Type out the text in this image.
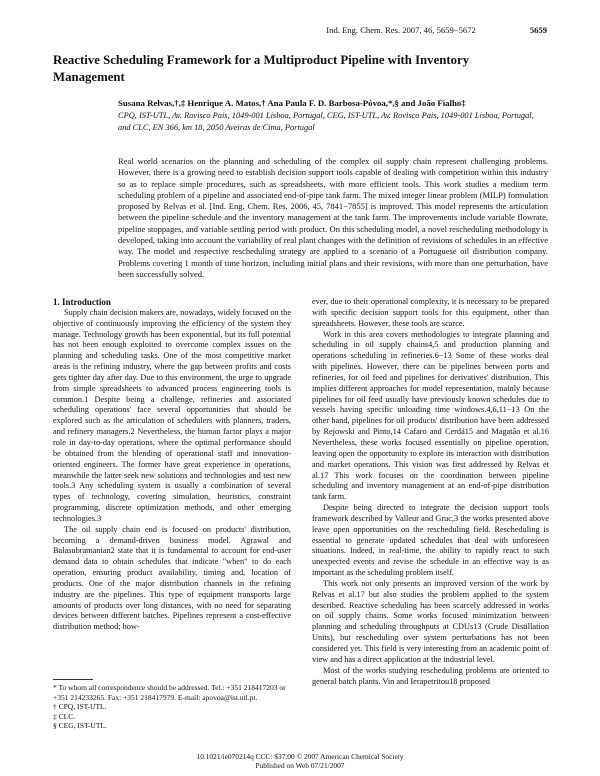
Ind. Eng. Chem. Res. 2007, 46, 5659−5672	5659
Reactive Scheduling Framework for a Multiproduct Pipeline with Inventory Management
Susana Relvas,†,‡ Henrique A. Matos,† Ana Paula F. D. Barbosa-Póvoa,*,§ and João Fialho‡
CPQ, IST-UTL, Av. Rovisco Pais, 1049-001 Lisboa, Portugal, CEG, IST-UTL, Av. Rovisco Pais, 1049-001 Lisboa, Portugal, and CLC, EN 366, km 18, 2050 Aveiras de Cima, Portugal

Real world scenarios on the planning and scheduling of the complex oil supply chain represent challenging problems. However, there is a growing need to establish decision support tools capable of dealing with competition within this industry so as to replace simple procedures, such as spreadsheets, with more efficient tools. This work studies a medium term scheduling problem of a pipeline and associated end-of-pipe tank farm. The mixed integer linear problem (MILP) formulation proposed by Relvas et al. [Ind. Eng. Chem. Res. 2006, 45, 7841−7855] is improved. This model represents the articulation between the pipeline schedule and the inventory management at the tank farm. The improvements include variable flowrate, pipeline stoppages, and variable settling period with product. On this scheduling model, a novel rescheduling methodology is developed, taking into account the variability of real plant changes with the definition of revisions of schedules in an effective way. The model and respective rescheduling strategy are applied to a scenario of a Portuguese oil distribution company. Problems covering 1 month of time horizon, including initial plans and their revisions, with more than one perturbation, have been successfully solved.

1. Introduction

Supply chain decision makers are, nowadays, widely focused on the objective of continuously improving the efficiency of the system they manage. Technology growth has been exponential, but its full potential has not been enough exploited to overcome complex issues on the planning and scheduling tasks. One of the most competitive market areas is the refining industry, where the gap between profits and costs gets tighter day after day. Due to this environment, the urge to upgrade from simple spreadsheets to advanced process engineering tools is common.1 Despite being a challenge, refineries and associated scheduling operations' face several opportunities that should be explored such as the articulation of schedulers with planners, traders, and refinery managers.2 Nevertheless, the human factor plays a major role in day-to-day operations, where the optimal performance should be obtained from the blending of operational staff and innovation-oriented engineers. The former have great experience in operations, meanwhile the latter seek new solutions and technologies and test new tools.3 Any scheduling system is usually a combination of several types of technology, covering simulation, heuristics, constraint programming, discrete optimization methods, and other emerging technologies.3

The oil supply chain end is focused on products' distribution, becoming a demand-driven business model. Agrawal and Balasubramanian2 state that it is fundamental to account for end-user demand data to obtain schedules that indicate "when" to do each operation, ensuring product availability, timing and, location of products. One of the major distribution channels in the refining industry are the pipelines. This type of equipment transports large amounts of products over long distances, with no need for separating devices between different batches. Pipelines represent a cost-effective distribution method; how-

ever, due to their operational complexity, it is necessary to be prepared with specific decision support tools for this equipment, other than spreadsheets. However, these tools are scarce.

Work in this area covers methodologies to integrate planning and scheduling in oil supply chains4,5 and production planning and operations scheduling in refineries.6−13 Some of these works deal with pipelines. However, there can be pipelines between ports and refineries, for oil feed and pipelines for derivatives' distribution. This implies different approaches for model representation, mainly because pipelines for oil feed usually have previously known schedules due to vessels having specific unloading time windows.4,6,11−13 On the other hand, pipelines for oil products' distribution have been addressed by Rejowski and Pinto,14 Cafaro and Cerdá15 and Magatão et al.16 Nevertheless, these works focused essentially on pipeline operation, leaving open the opportunity to explore its interaction with distribution and market operations. This vision was first addressed by Relvas et al.17 This work focuses on the coordination between pipeline scheduling and inventory management at an end-of-pipe distribution tank farm.

Despite being directed to integrate the decision support tools framework described by Valleur and Gruc,3 the works presented above leave open opportunities on the rescheduling field. Rescheduling is essential to generate updated schedules that deal with unforeseen situations. Indeed, in real-time, the ability to rapidly react to such unexpected events and revise the schedule in an effective way is as important as the scheduling problem itself.

This work not only presents an improved version of the work by Relvas et al.17 but also studies the problem applied to the system described. Reactive scheduling has been scarcely addressed in works on oil supply chains. Some works focused minimization between planning and scheduling throughputs at CDUs13 (Crude Distillation Units), but rescheduling over system perturbations has not been considered yet. This field is very interesting from an academic point of view and has a direct application at the industrial level.

Most of the works studying rescheduling problems are oriented to general batch plants. Vin and Ierapetritou18 proposed

* To whom all correspondence should be addressed. Tel.: +351 218417203 or +351 214233265. Fax: +351 218417979. E-mail: apovoa@ist.utl.pt.
† CPQ, IST-UTL.
‡ CLC.
§ CEG, IST-UTL.
10.1021/ie070214q CCC: $37.00 © 2007 American Chemical Society
Published on Web 07/21/2007
